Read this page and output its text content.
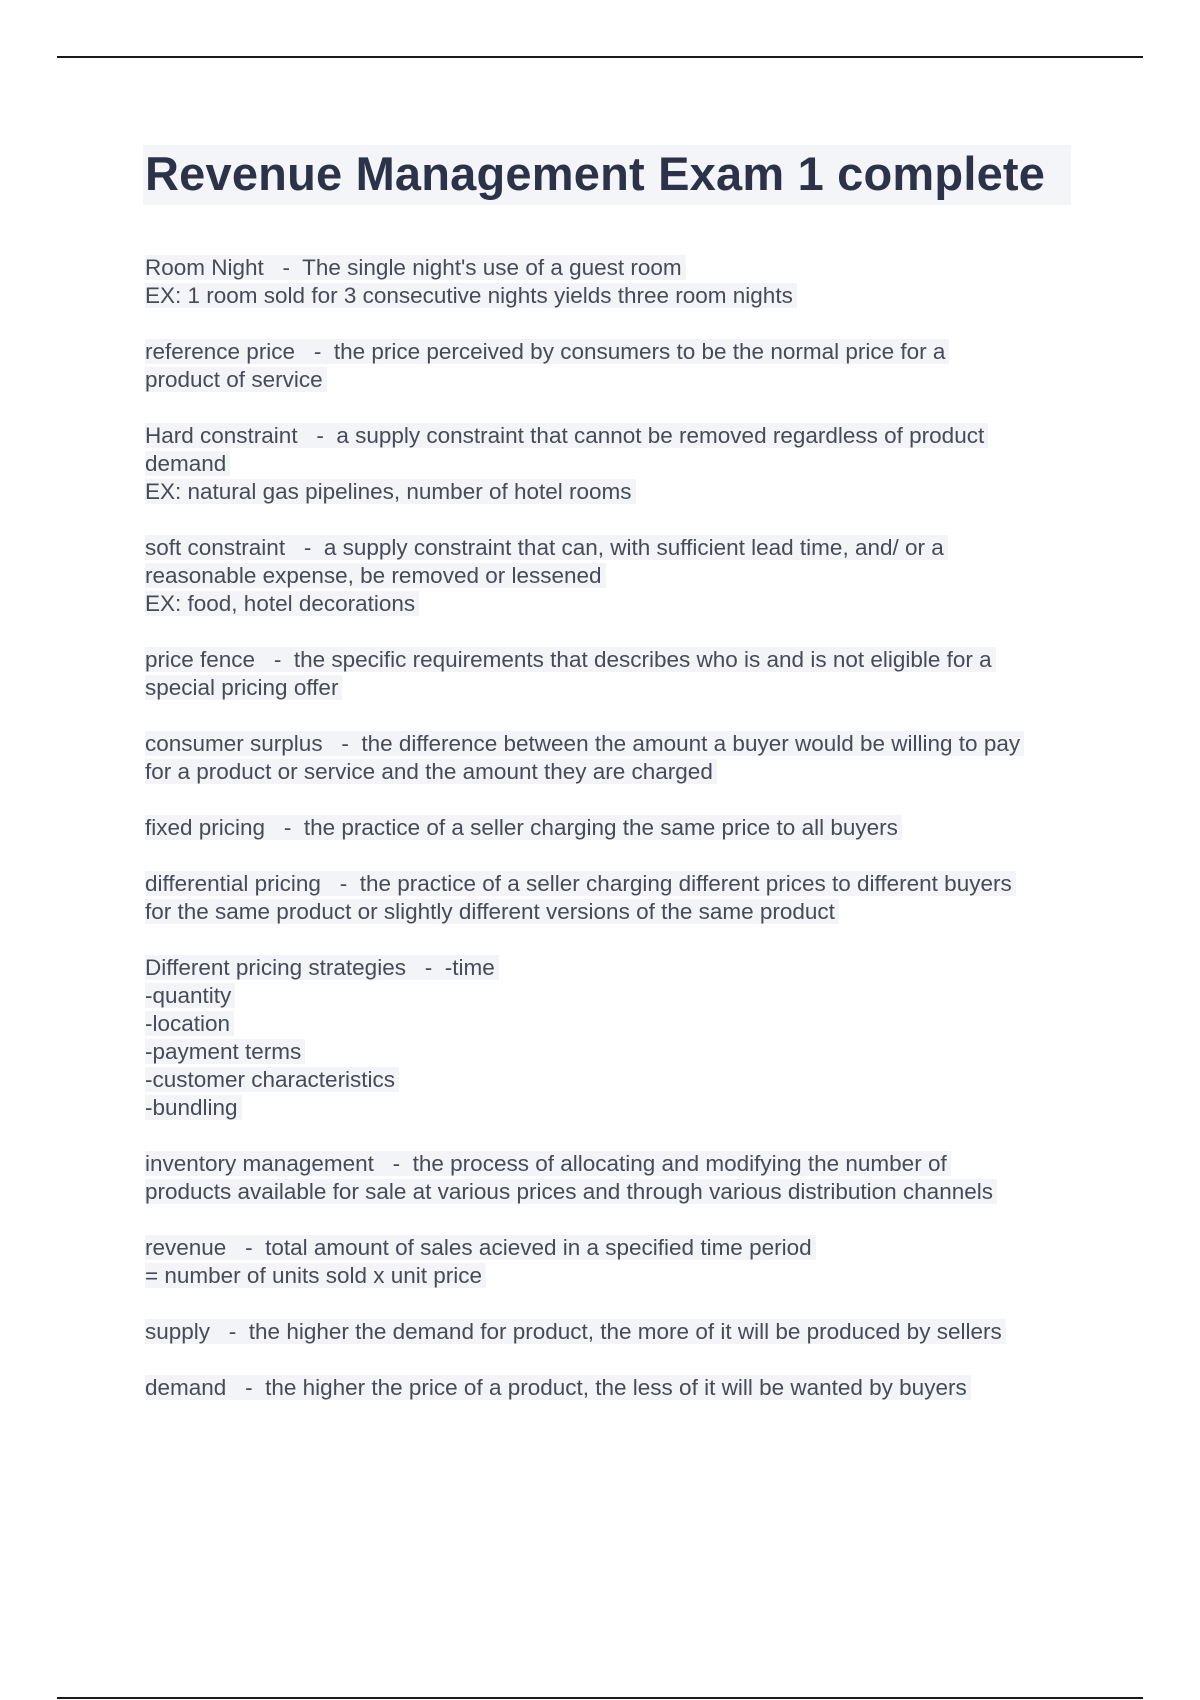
Revenue Management Exam 1 complete
Room Night   -  The single night's use of a guest room
EX: 1 room sold for 3 consecutive nights yields three room nights
reference price   -  the price perceived by consumers to be the normal price for a
product of service
Hard constraint   -  a supply constraint that cannot be removed regardless of product
demand
EX: natural gas pipelines, number of hotel rooms
soft constraint   -  a supply constraint that can, with sufficient lead time, and/ or a
reasonable expense, be removed or lessened
EX: food, hotel decorations
price fence   -  the specific requirements that describes who is and is not eligible for a
special pricing offer
consumer surplus   -  the difference between the amount a buyer would be willing to pay
for a product or service and the amount they are charged
fixed pricing   -  the practice of a seller charging the same price to all buyers
differential pricing   -  the practice of a seller charging different prices to different buyers
for the same product or slightly different versions of the same product
Different pricing strategies   -  -time
-quantity
-location
-payment terms
-customer characteristics
-bundling
inventory management   -  the process of allocating and modifying the number of
products available for sale at various prices and through various distribution channels
revenue   -  total amount of sales acieved in a specified time period
= number of units sold x unit price
supply   -  the higher the demand for product, the more of it will be produced by sellers
demand   -  the higher the price of a product, the less of it will be wanted by buyers
